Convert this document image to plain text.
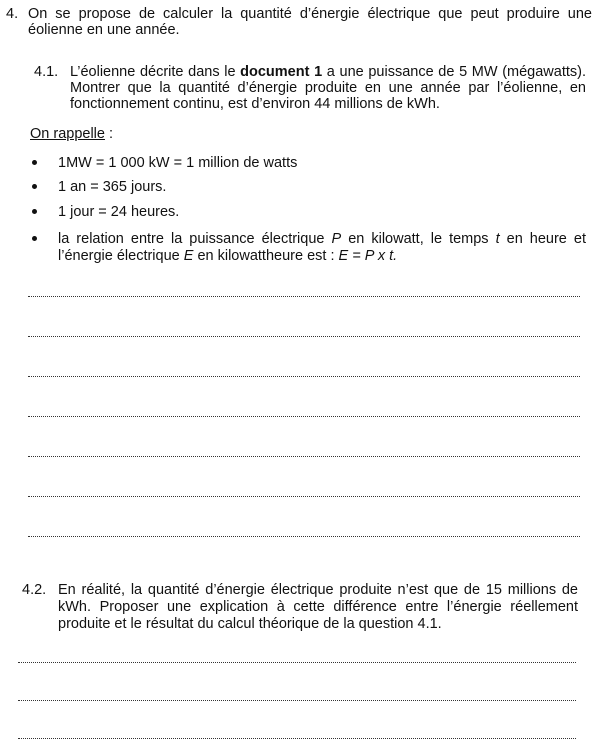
4. On se propose de calculer la quantité d’énergie électrique que peut produire une éolienne en une année.
4.1. L’éolienne décrite dans le document 1 a une puissance de 5 MW (mégawatts). Montrer que la quantité d’énergie produite en une année par l’éolienne, en fonctionnement continu, est d’environ 44 millions de kWh.
On rappelle :
1MW = 1 000 kW = 1 million de watts
1 an = 365 jours.
1 jour = 24 heures.
la relation entre la puissance électrique P en kilowatt, le temps t en heure et l’énergie électrique E en kilowattheure est : E = P x t.
4.2. En réalité, la quantité d’énergie électrique produite n’est que de 15 millions de kWh. Proposer une explication à cette différence entre l’énergie réellement produite et le résultat du calcul théorique de la question 4.1.
